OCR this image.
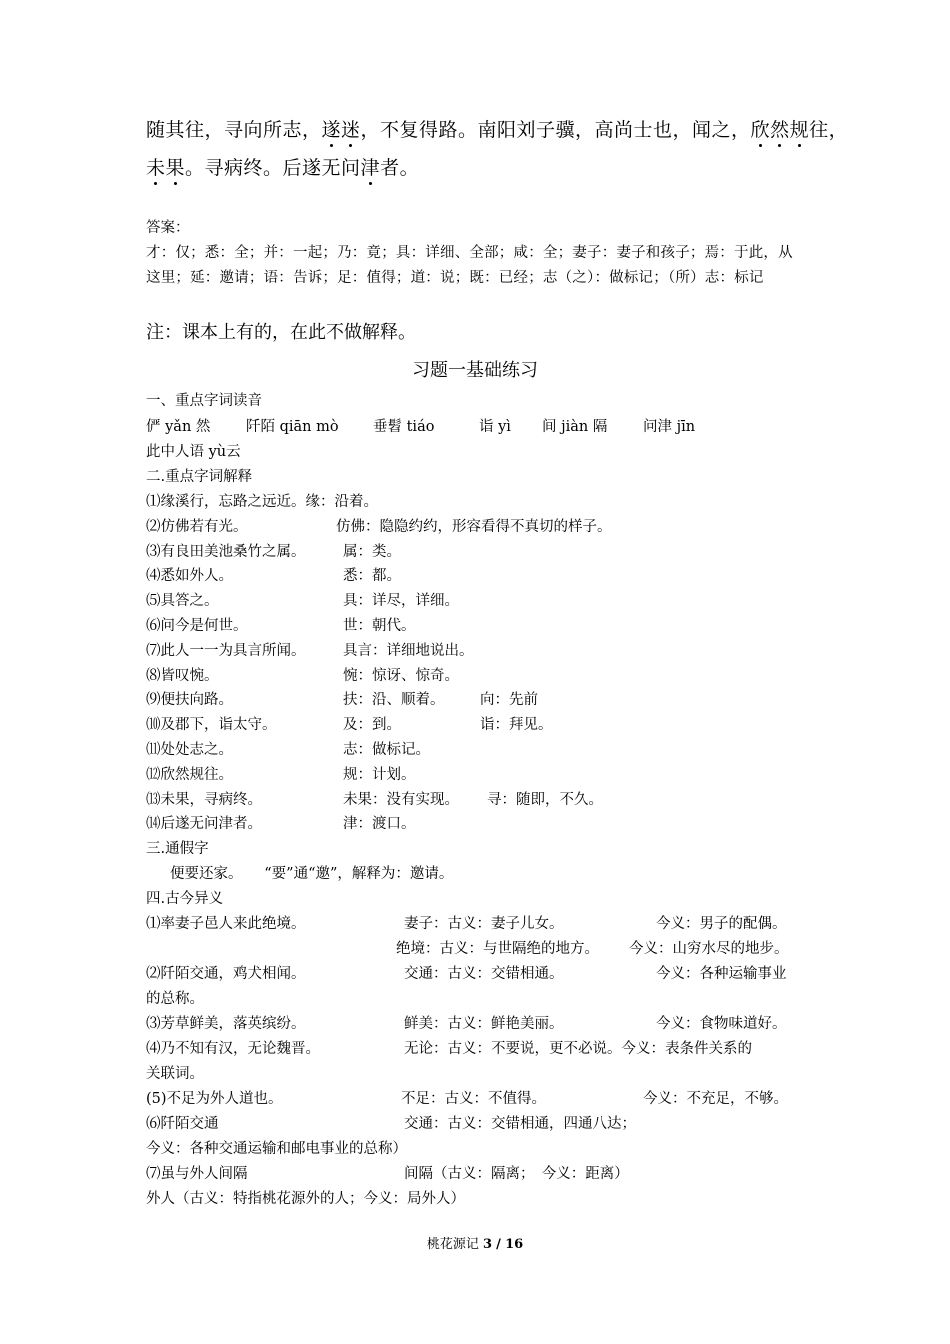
随其往，寻向所志，遂迷，不复得路。南阳刘子骥，高尚士也，闻之，欣然规往，
未果。寻病终。后遂无问津者。
答案：
才：仅；悉：全；并：一起；乃：竟；具：详细、全部；咸：全；妻子：妻子和孩子；焉：于此，从这里；延：邀请；语：告诉；足：值得；道：说；既：已经；志（之）：做标记；（所）志：标记
注：课本上有的，在此不做解释。
习题一基础练习
一、重点字词读音
俨 yǎn 然 阡陌 qiān mò 垂髫 tiáo	诣 yì 间 jiàn 隔 问津 jīn
此中人语 yù云
二.重点字词解释
⑴缘溪行，忘路之远近。缘：沿着。
⑵仿佛若有光。	仿佛：隐隐约约，形容看得不真切的样子。
⑶有良田美池桑竹之属。	属：类。
⑷悉如外人。	悉：都。
⑸具答之。	具：详尽，详细。
⑹问今是何世。	世：朝代。
⑺此人一一为具言所闻。	具言：详细地说出。
⑻皆叹惋。	惋：惊讶、惊奇。
⑼便扶向路。	扶：沿、顺着。 向：先前
⑽及郡下，诣太守。	及：到。	诣：拜见。
⑾处处志之。	志：做标记。
⑿欣然规往。	规：计划。
⒀未果，寻病终。	未果：没有实现。 寻：随即，不久。
⒁后遂无问津者。	津：渡口。
三.通假字
便要还家。　　“要”通“邀”，解释为：邀请。
四.古今异义
⑴率妻子邑人来此绝境。	妻子：古义：妻子儿女。	今义：男子的配偶。
绝境：古义：与世隔绝的地方。 今义：山穷水尽的地步。
⑵阡陌交通，鸡犬相闻。	交通：古义：交错相通。	今义：各种运输事业
的总称。
⑶芳草鲜美，落英缤纷。	鲜美：古义：鲜艳美丽。	今义：食物味道好。
⑷乃不知有汉，无论魏晋。	无论：古义：不要说，更不必说。今义：表条件关系的
关联词。
(5)不足为外人道也。	不足：古义：不值得。	今义：不充足，不够。
⑹阡陌交通	交通：古义：交错相通，四通八达；
今义：各种交通运输和邮电事业的总称）
⑺虽与外人间隔	间隔（古义：隔离；　今义：距离）
外人（古义：特指桃花源外的人；今义：局外人）
桃花源记 3 / 16
